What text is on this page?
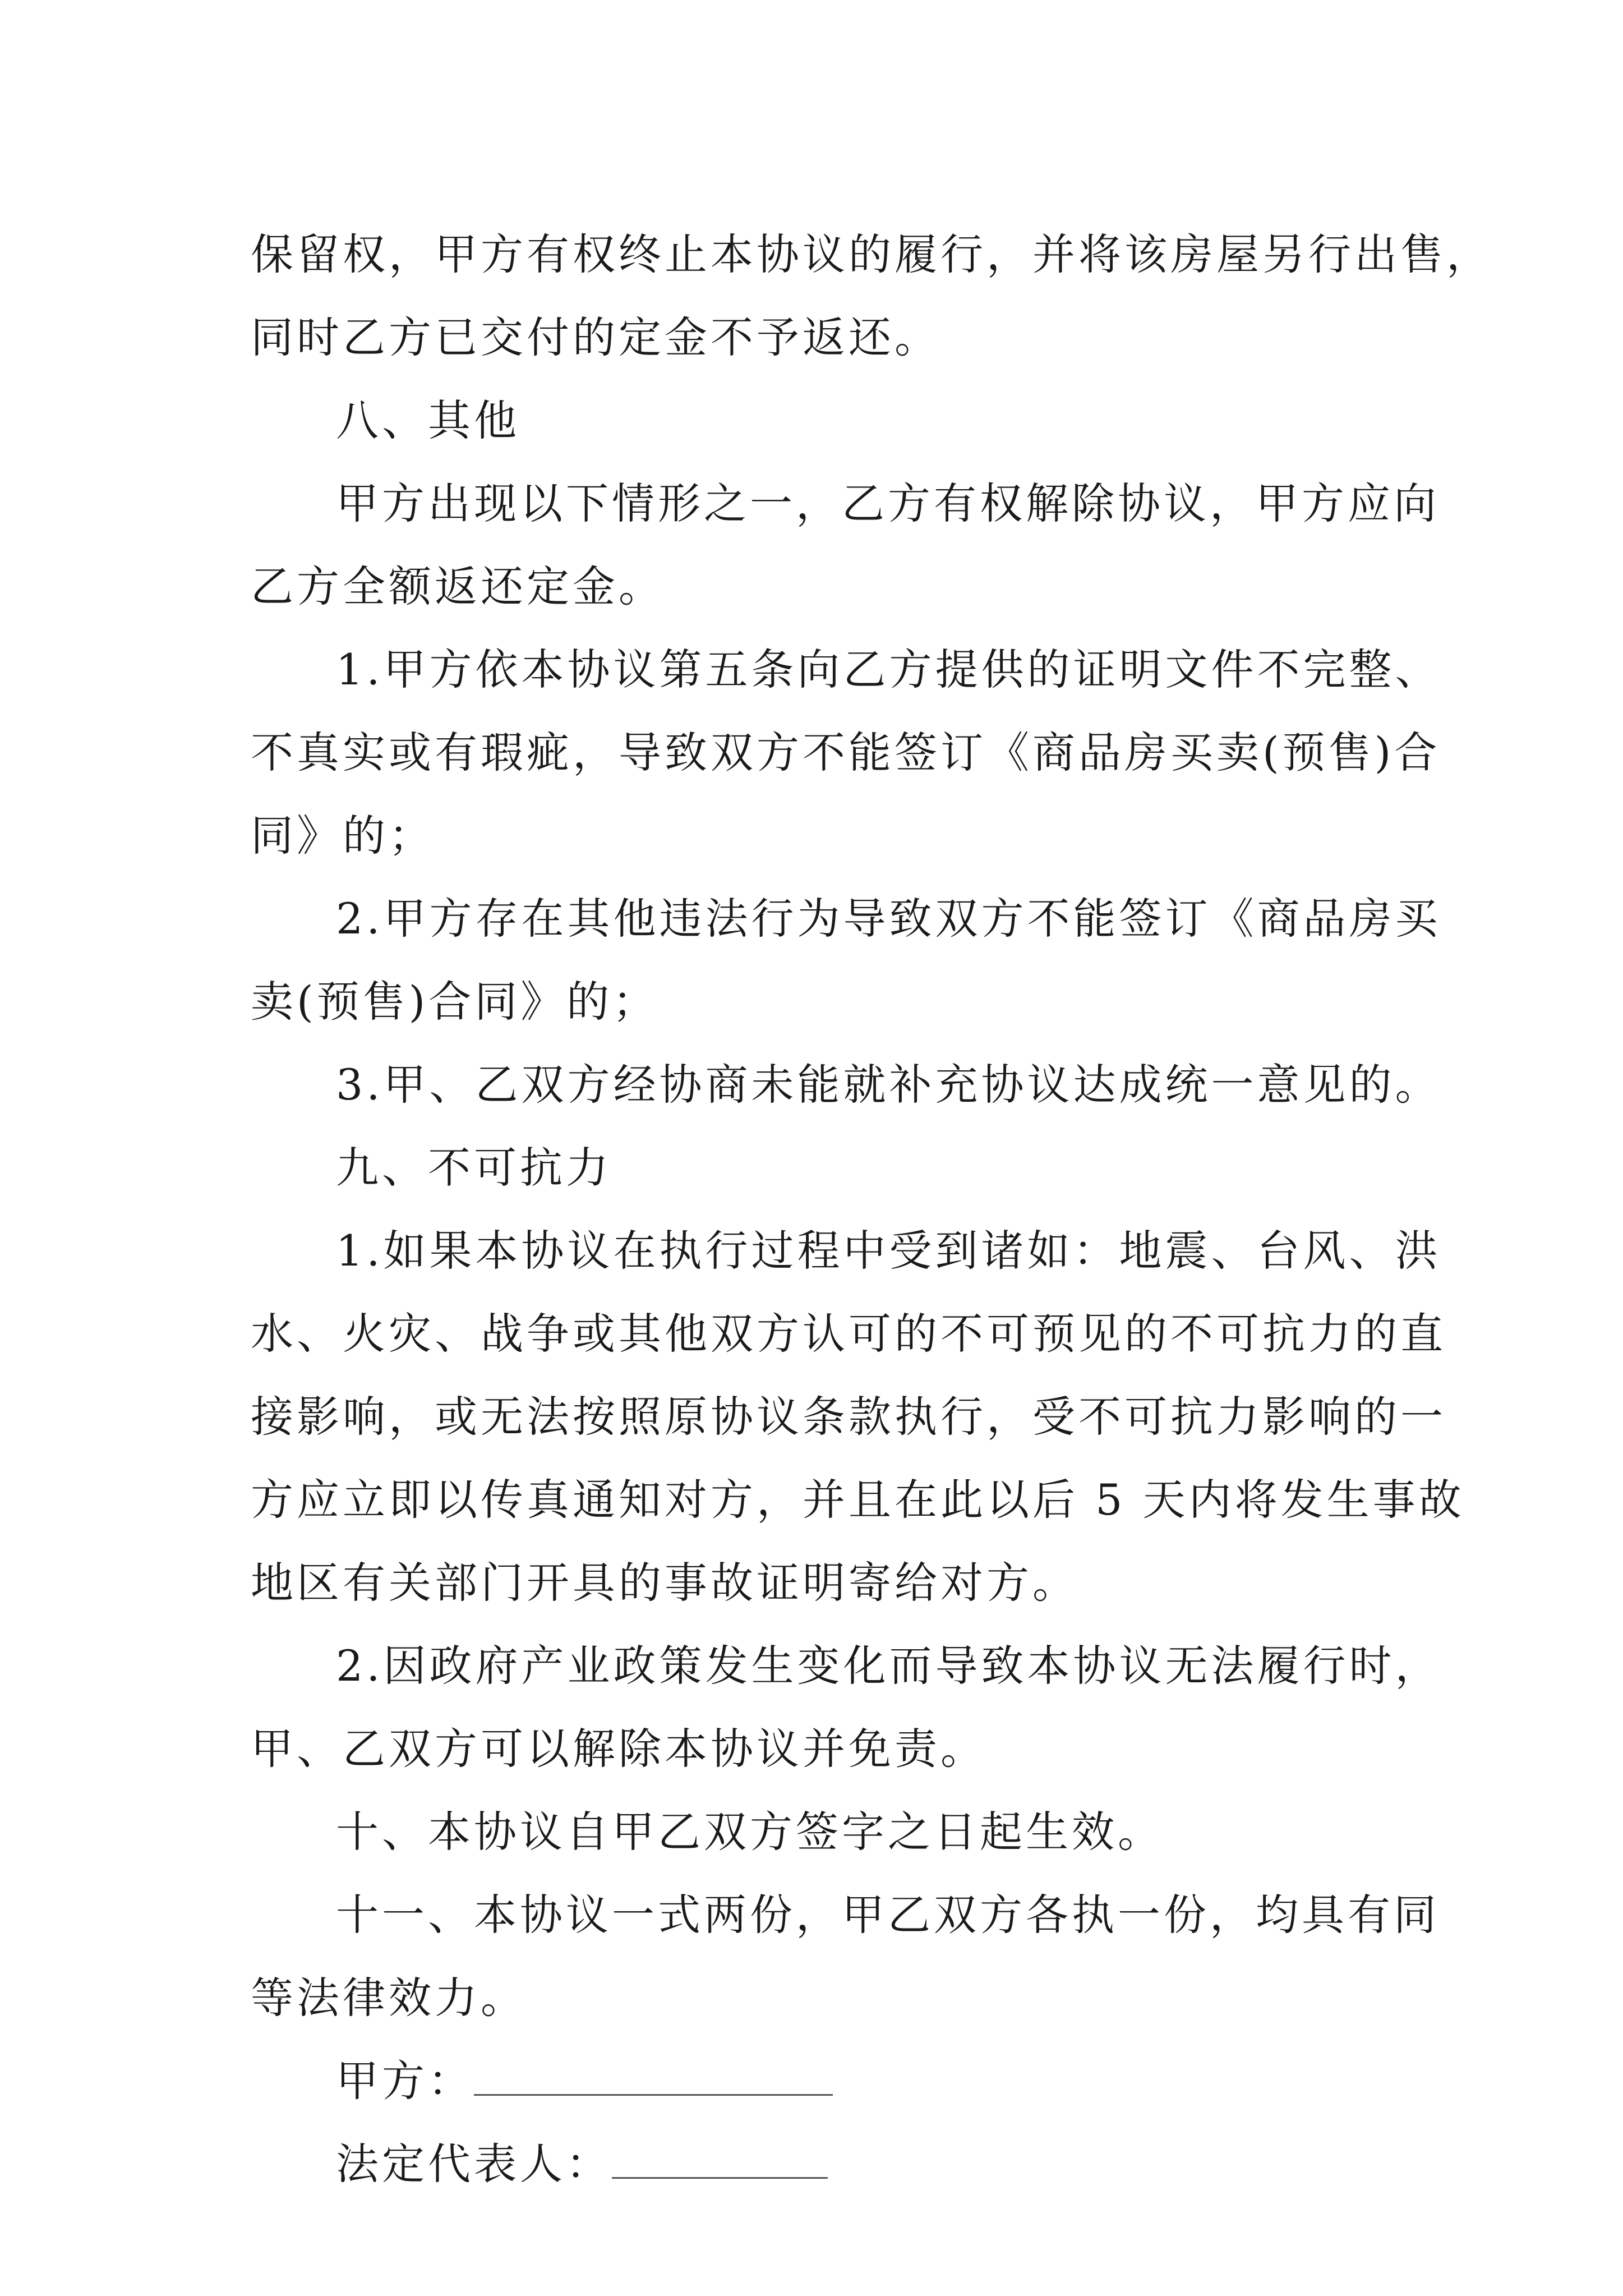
保留权，甲方有权终止本协议的履行，并将该房屋另行出售，
同时乙方已交付的定金不予返还。
八、其他
甲方出现以下情形之一，乙方有权解除协议，甲方应向
乙方全额返还定金。
1.甲方依本协议第五条向乙方提供的证明文件不完整、
不真实或有瑕疵，导致双方不能签订《商品房买卖(预售)合
同》的；
2.甲方存在其他违法行为导致双方不能签订《商品房买
卖(预售)合同》的；
3.甲、乙双方经协商未能就补充协议达成统一意见的。
九、不可抗力
1.如果本协议在执行过程中受到诸如：地震、台风、洪
水、火灾、战争或其他双方认可的不可预见的不可抗力的直
接影响，或无法按照原协议条款执行，受不可抗力影响的一
方应立即以传真通知对方，并且在此以后 5 天内将发生事故
地区有关部门开具的事故证明寄给对方。
2.因政府产业政策发生变化而导致本协议无法履行时，
甲、乙双方可以解除本协议并免责。
十、本协议自甲乙双方签字之日起生效。
十一、本协议一式两份，甲乙双方各执一份，均具有同
等法律效力。
甲方：
法定代表人：
